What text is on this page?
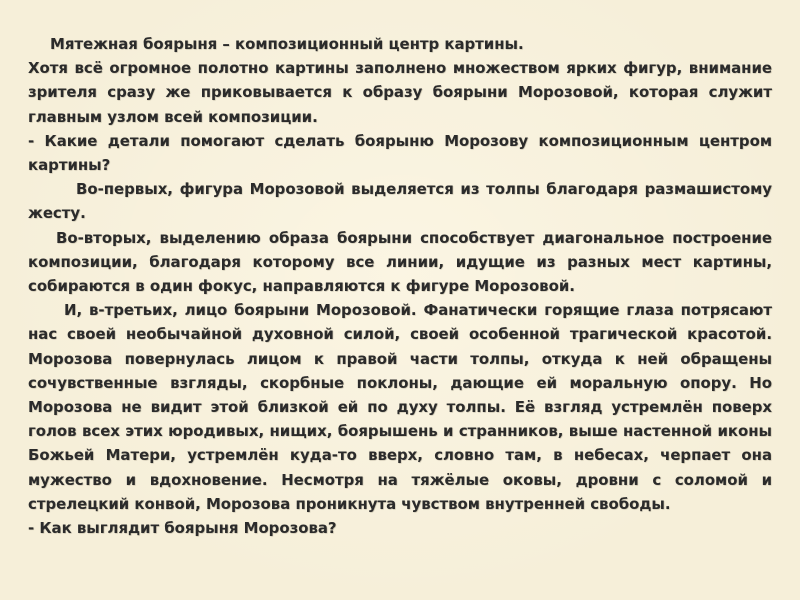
Мятежная боярыня – композиционный центр картины.

Хотя всё огромное полотно картины заполнено множеством ярких фигур, внимание зрителя сразу же приковывается к образу боярыни Морозовой, которая служит главным узлом всей композиции.

- Какие детали помогают сделать боярыню Морозову композиционным центром картины?

Во-первых, фигура Морозовой выделяется из толпы благодаря размашистому жесту.

Во-вторых, выделению образа боярыни способствует диагональное построение композиции, благодаря которому все линии, идущие из разных мест картины, собираются в один фокус, направляются к фигуре Морозовой.

И, в-третьих, лицо боярыни Морозовой. Фанатически горящие глаза потрясают нас своей необычайной духовной силой, своей особенной трагической красотой. Морозова повернулась лицом к правой части толпы, откуда к ней обращены сочувственные взгляды, скорбные поклоны, дающие ей моральную опору. Но Морозова не видит этой близкой ей по духу толпы. Её взгляд устремлён поверх голов всех этих юродивых, нищих, боярышень и странников, выше настенной иконы Божьей Матери, устремлён куда-то вверх, словно там, в небесах, черпает она мужество и вдохновение. Несмотря на тяжёлые оковы, дровни с соломой и стрелецкий конвой, Морозова проникнута чувством внутренней свободы.

- Как выглядит боярыня Морозова?
